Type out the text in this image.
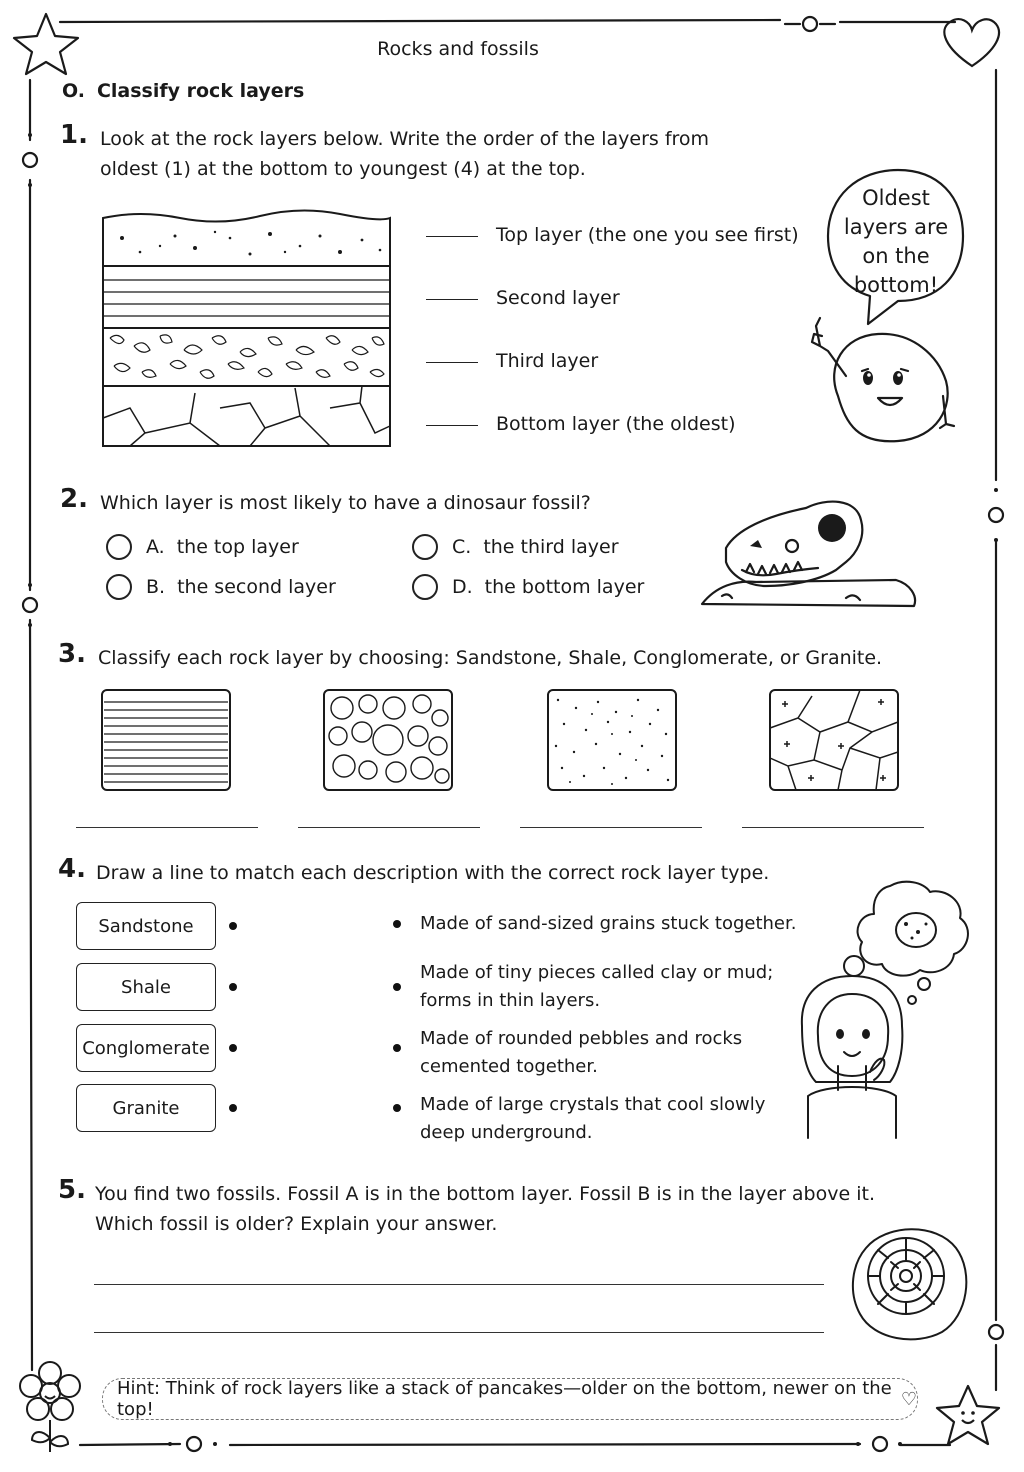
Rocks and fossils
O. Classify rock layers
1. Look at the rock layers below. Write the order of the layers from
oldest (1) at the bottom to youngest (4) at the top.
Top layer (the one you see first)
Second layer
Third layer
Bottom layer (the oldest)
Oldest
layers are
on the
bottom!
2. Which layer is most likely to have a dinosaur fossil?
A. the top layer
B. the second layer
C. the third layer
D. the bottom layer
3. Classify each rock layer by choosing: Sandstone, Shale, Conglomerate, or Granite.
4. Draw a line to match each description with the correct rock layer type.
Sandstone
Shale
Conglomerate
Granite
Made of sand-sized grains stuck together.
Made of tiny pieces called clay or mud;
forms in thin layers.
Made of rounded pebbles and rocks
cemented together.
Made of large crystals that cool slowly
deep underground.
5. You find two fossils. Fossil A is in the bottom layer. Fossil B is in the layer above it.
Which fossil is older? Explain your answer.
Hint: Think of rock layers like a stack of pancakes—older on the bottom, newer on the top!	♡
